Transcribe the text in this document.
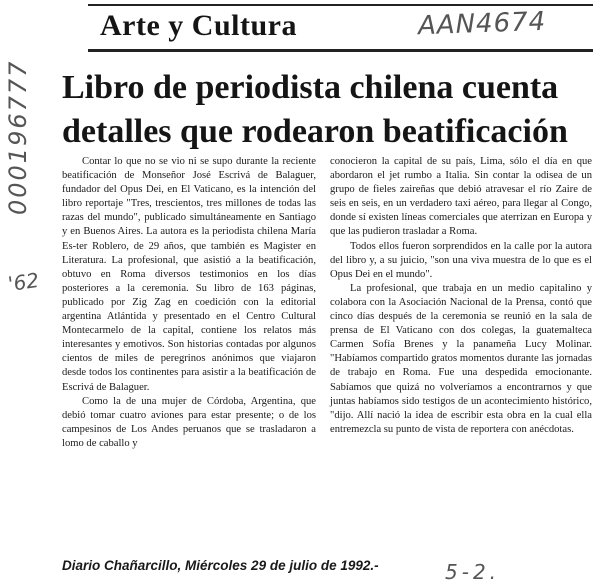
Arte y Cultura	AAN4674
000196777
'62
Libro de periodista chilena cuenta detalles que rodearon beatificación

Contar lo que no se vio ni se supo durante la reciente beatificación de Monseñor José Escrivá de Balaguer, fundador del Opus Dei, en El Vaticano, es la intención del libro reportaje "Tres, trescientos, tres millones de todas las razas del mundo", publicado simultáneamente en Santiago y en Buenos Aires. La autora es la periodista chilena María Es-ter Roblero, de 29 años, que también es Magister en Literatura. La profesional, que asistió a la beatificación, obtuvo en Roma diversos testimonios en los días posteriores a la ceremonia. Su libro de 163 páginas, publicado por Zig Zag en coedición con la editorial argentina Atlántida y presentado en el Centro Cultural Montecarmelo de la capital, contiene los relatos más interesantes y emotivos. Son historias contadas por algunos cientos de miles de peregrinos anónimos que viajaron desde todos los continentes para asistir a la beatificación de Escrivá de Balaguer.

Como la de una mujer de Córdoba, Argentina, que debió tomar cuatro aviones para estar presente; o de los campesinos de Los Andes peruanos que se trasladaron a lomo de caballo y

conocieron la capital de su país, Lima, sólo el día en que abordaron el jet rumbo a Italia. Sin contar la odisea de un grupo de fieles zaireñas que debió atravesar el río Zaire de seis en seis, en un verdadero taxi aéreo, para llegar al Congo, donde sí existen líneas comerciales que aterrizan en Europa y que las pudieron trasladar a Roma.

Todos ellos fueron sorprendidos en la calle por la autora del libro y, a su juicio, "son una viva muestra de lo que es el Opus Dei en el mundo".

La profesional, que trabaja en un medio capitalino y colabora con la Asociación Nacional de la Prensa, contó que cinco días después de la ceremonia se reunió en la sala de prensa de El Vaticano con dos colegas, la guatemalteca Carmen Sofía Brenes y la panameña Lucy Molinar. "Habíamos compartido gratos momentos durante las jornadas de trabajo en Roma. Fue una despedida emocionante. Sabíamos que quizá no volveríamos a encontrarnos y que juntas habíamos sido testigos de un acontecimiento histórico, "dijo. Allí nació la idea de escribir esta obra en la cual ella entremezcla su punto de vista de reportera con anécdotas.

Diario Chañarcillo, Miércoles 29 de julio de 1992.-	5-2.
